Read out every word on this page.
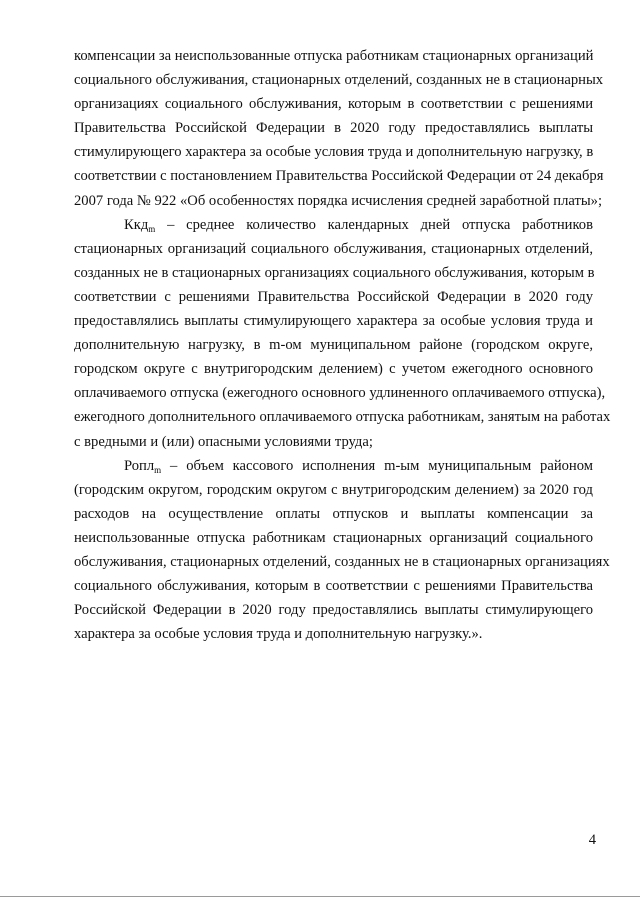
компенсации за неиспользованные отпуска работникам стационарных организаций
социального обслуживания, стационарных отделений, созданных не в стационарных
организациях социального обслуживания, которым в соответствии с решениями
Правительства Российской Федерации в 2020 году предоставлялись выплаты
стимулирующего характера за особые условия труда и дополнительную нагрузку, в
соответствии с постановлением Правительства Российской Федерации от 24 декабря
2007 года № 922 «Об особенностях порядка исчисления средней заработной платы»;
Ккд$_m$ – среднее количество календарных дней отпуска работников
стационарных организаций социального обслуживания, стационарных отделений,
созданных не в стационарных организациях социального обслуживания, которым в
соответствии с решениями Правительства Российской Федерации в 2020 году
предоставлялись выплаты стимулирующего характера за особые условия труда и
дополнительную нагрузку, в m-ом муниципальном районе (городском округе,
городском округе с внутригородским делением) с учетом ежегодного основного
оплачиваемого отпуска (ежегодного основного удлиненного оплачиваемого отпуска),
ежегодного дополнительного оплачиваемого отпуска работникам, занятым на работах
с вредными и (или) опасными условиями труда;
Ропл$_m$ – объем кассового исполнения m-ым муниципальным районом
(городским округом, городским округом с внутригородским делением) за 2020 год
расходов на осуществление оплаты отпусков и выплаты компенсации за
неиспользованные отпуска работникам стационарных организаций социального
обслуживания, стационарных отделений, созданных не в стационарных организациях
социального обслуживания, которым в соответствии с решениями Правительства
Российской Федерации в 2020 году предоставлялись выплаты стимулирующего
характера за особые условия труда и дополнительную нагрузку.».
4
